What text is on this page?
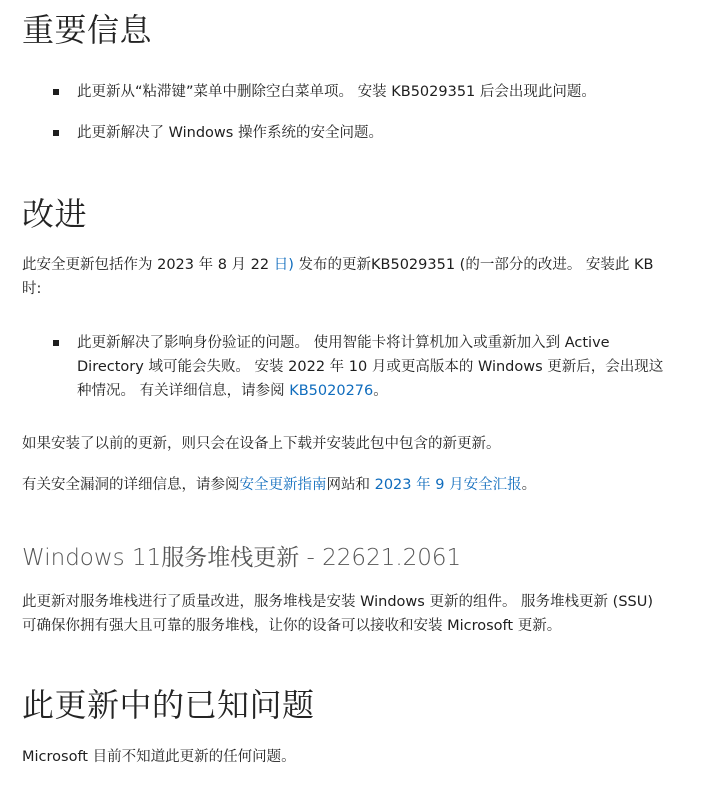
重要信息
此更新从“粘滞键”菜单中删除空白菜单项。 安装 KB5029351 后会出现此问题。
此更新解决了 Windows 操作系统的安全问题。
改进
此安全更新包括作为 2023 年 8 月 22 日) 发布的更新KB5029351 (的一部分的改进。 安装此 KB
时:
此更新解决了影响身份验证的问题。 使用智能卡将计算机加入或重新加入到 Active
Directory 域可能会失败。 安装 2022 年 10 月或更高版本的 Windows 更新后，会出现这
种情况。 有关详细信息，请参阅 KB5020276。
如果安装了以前的更新，则只会在设备上下载并安装此包中包含的新更新。
有关安全漏洞的详细信息，请参阅安全更新指南网站和 2023 年 9 月安全汇报。
Windows 11服务堆栈更新 - 22621.2061
此更新对服务堆栈进行了质量改进，服务堆栈是安装 Windows 更新的组件。 服务堆栈更新 (SSU)
可确保你拥有强大且可靠的服务堆栈，让你的设备可以接收和安装 Microsoft 更新。
此更新中的已知问题
Microsoft 目前不知道此更新的任何问题。
